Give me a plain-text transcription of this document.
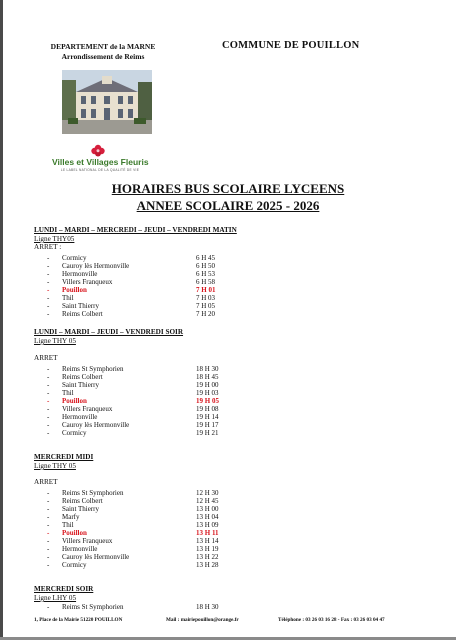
DEPARTEMENT de la MARNE
Arrondissement de Reims
COMMUNE DE POUILLON
Villes et Villages Fleuris
LE LABEL NATIONAL DE LA QUALITÉ DE VIE
HORAIRES BUS SCOLAIRE LYCEENS
ANNEE SCOLAIRE 2025 - 2026
LUNDI – MARDI – MERCREDI – JEUDI – VENDREDI MATIN
Ligne THY05
ARRET :
- Cormicy	6 H 45
- Cauroy lès Hermonville	6 H 50
- Hermonville	6 H 53
- Villers Franqueux	6 H 58
- Pouillon	7 H 01
- Thil	7 H 03
- Saint Thierry	7 H 05
- Reims Colbert	7 H 20
LUNDI – MARDI – JEUDI – VENDREDI SOIR
Ligne THY 05
ARRET
- Reims St Symphorien	18 H 30
- Reims Colbert	18 H 45
- Saint Thierry	19 H 00
- Thil	19 H 03
- Pouillon	19 H 05
- Villers Franqueux	19 H 08
- Hermonville	19 H 14
- Cauroy lès Hermonville	19 H 17
- Cormicy	19 H 21
MERCREDI MIDI
Ligne THY 05
ARRET
- Reims St Symphorien	12 H 30
- Reims Colbert	12 H 45
- Saint Thierry	13 H 00
- Marfy	13 H 04
- Thil	13 H 09
- Pouillon	13 H 11
- Villers Franqueux	13 H 14
- Hermonville	13 H 19
- Cauroy lès Hermonville	13 H 22
- Cormicy	13 H 28
MERCREDI SOIR
Ligne LHY 05
- Reims St Symphorien	18 H 30
1, Place de la Mairie 51220 POUILLON	Mail : mairiepouillon@orange.fr	Téléphone : 03 26 03 16 28 - Fax : 03 26 03 04 47
